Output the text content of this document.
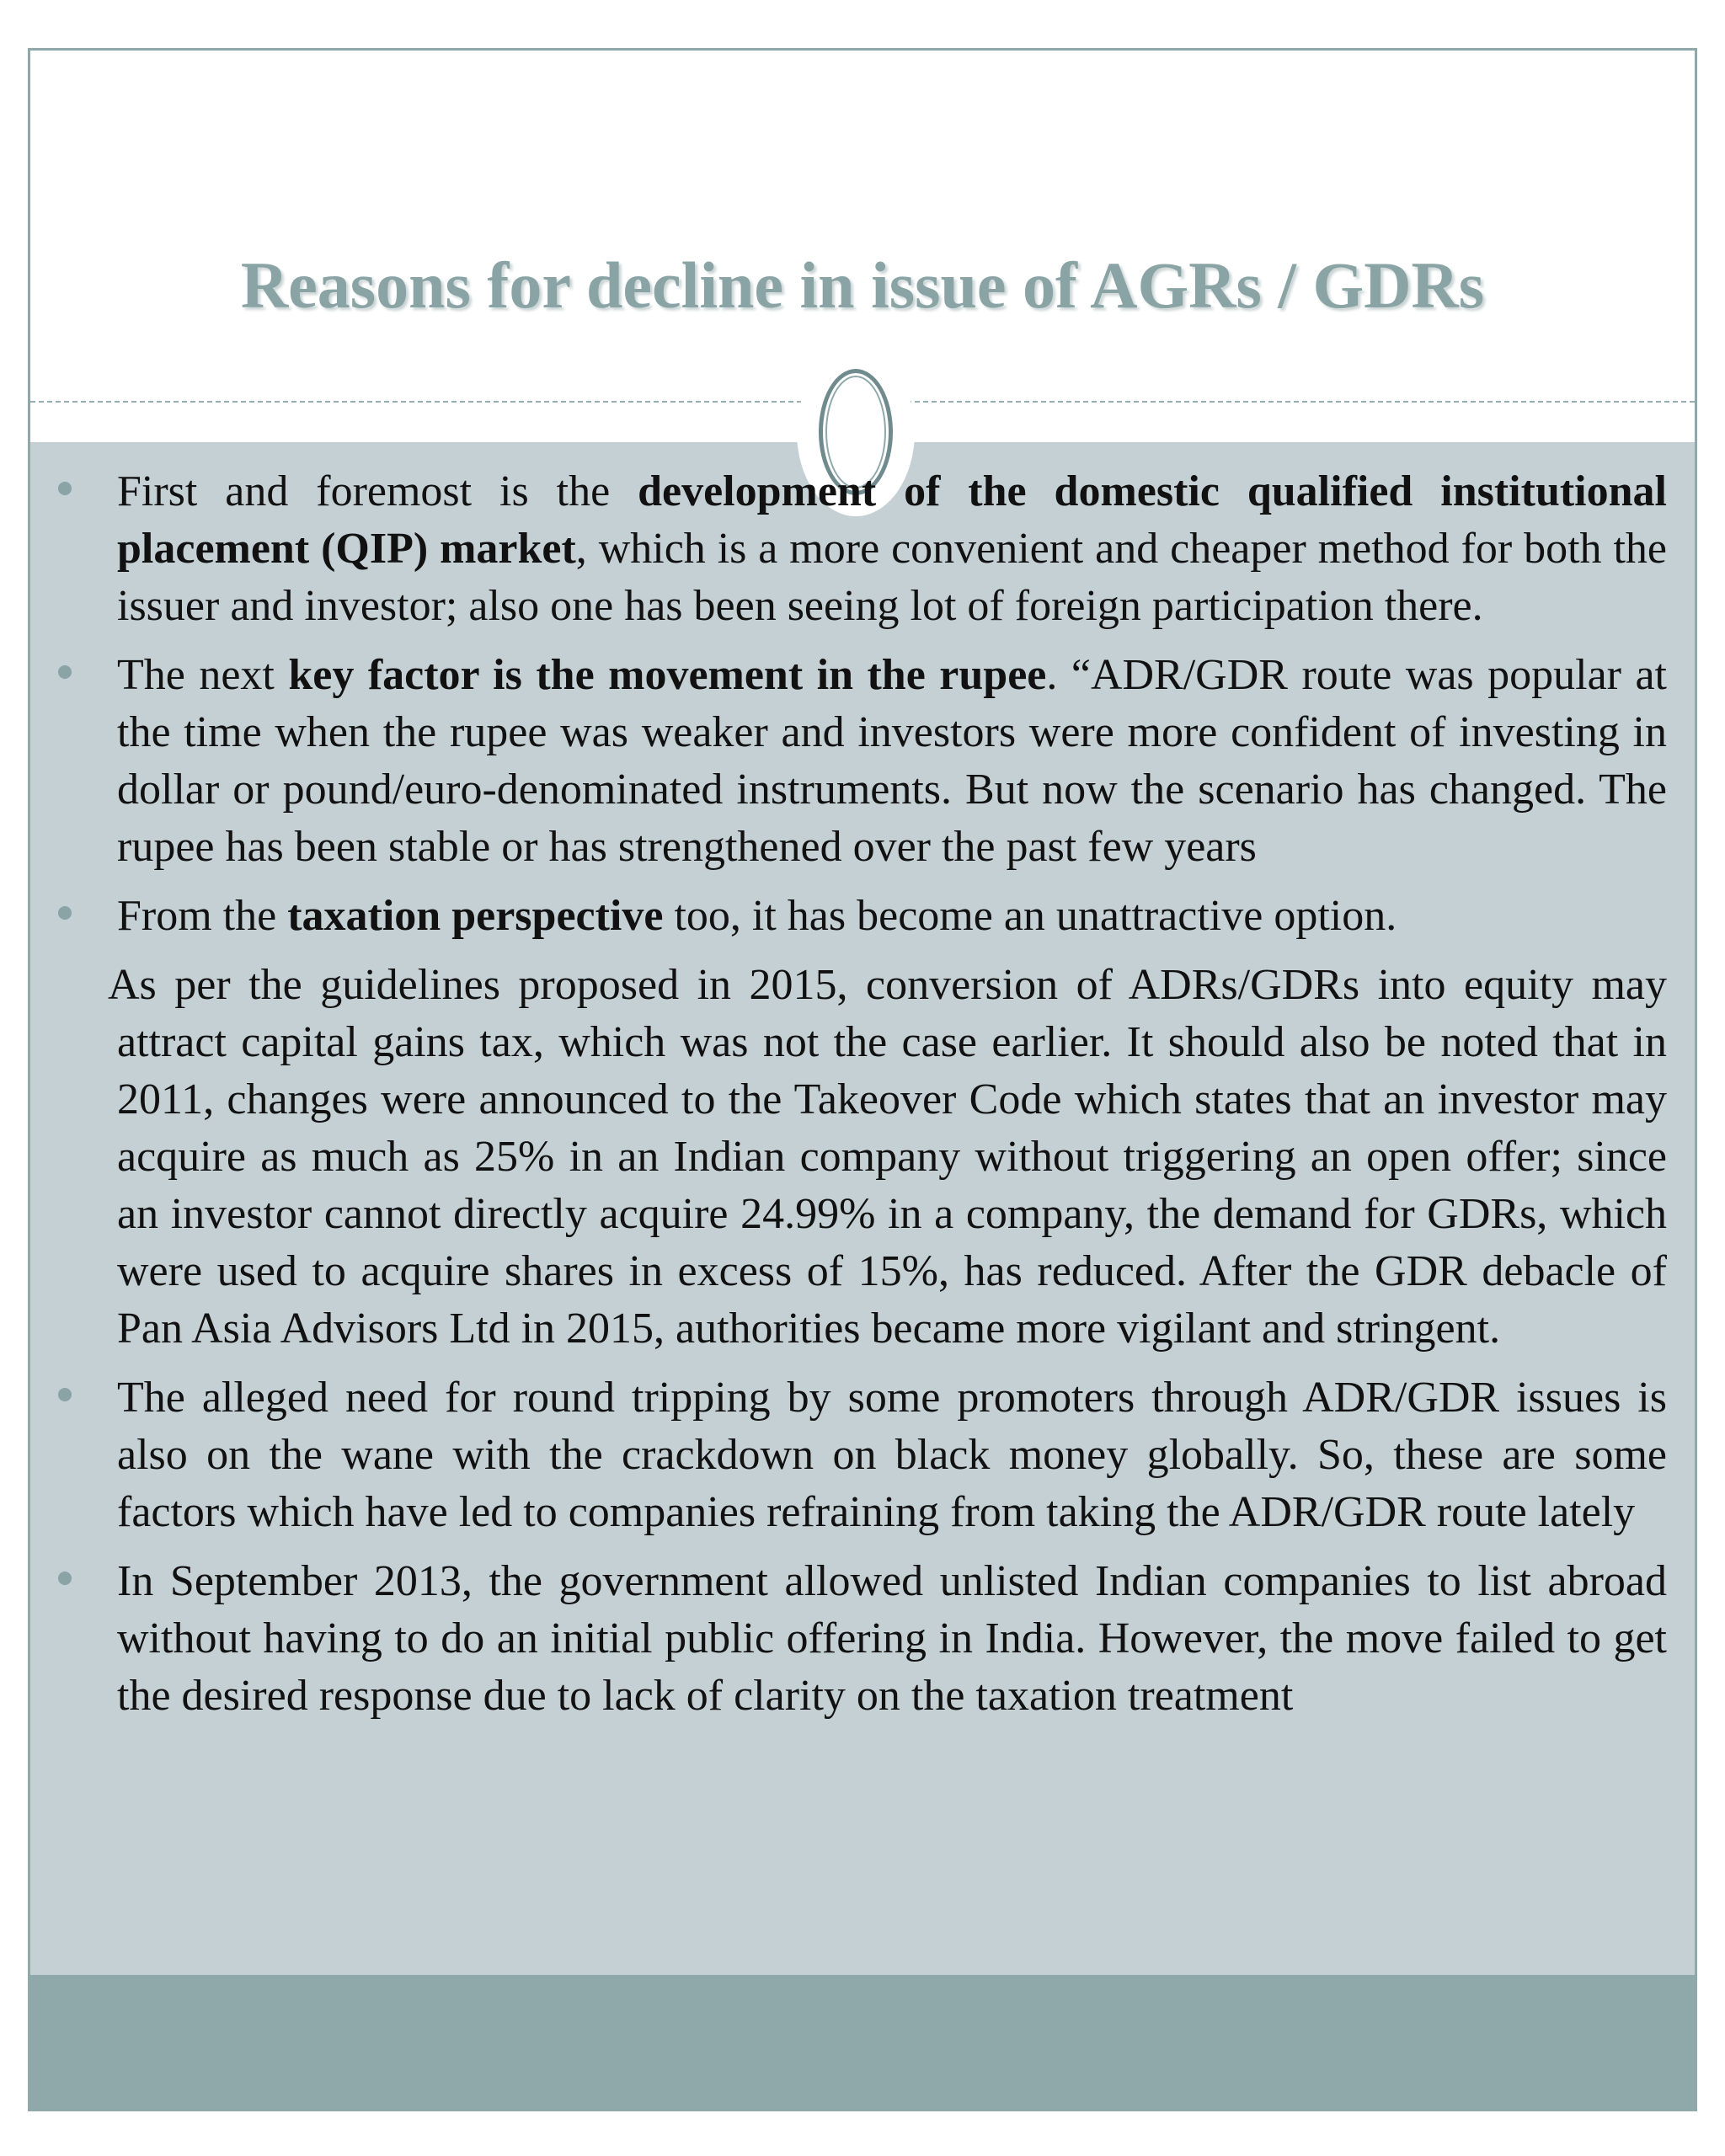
Reasons for decline in issue of AGRs / GDRs

First and foremost is the development of the domestic qualified institutional placement (QIP) market, which is a more convenient and cheaper method for both the issuer and investor; also one has been seeing lot of foreign participation there.

The next key factor is the movement in the rupee. “ADR/GDR route was popular at the time when the rupee was weaker and investors were more confident of investing in dollar or pound/euro-denominated instruments. But now the scenario has changed. The rupee has been stable or has strengthened over the past few years

From the taxation perspective too, it has become an unattractive option.

As per the guidelines proposed in 2015, conversion of ADRs/GDRs into equity may attract capital gains tax, which was not the case earlier. It should also be noted that in 2011, changes were announced to the Takeover Code which states that an investor may acquire as much as 25% in an Indian company without triggering an open offer; since an investor cannot directly acquire 24.99% in a company, the demand for GDRs, which were used to acquire shares in excess of 15%, has reduced. After the GDR debacle of Pan Asia Advisors Ltd in 2015, authorities became more vigilant and stringent.

The alleged need for round tripping by some promoters through ADR/GDR issues is also on the wane with the crackdown on black money globally. So, these are some factors which have led to companies refraining from taking the ADR/GDR route lately

In September 2013, the government allowed unlisted Indian companies to list abroad without having to do an initial public offering in India. However, the move failed to get the desired response due to lack of clarity on the taxation treatment
